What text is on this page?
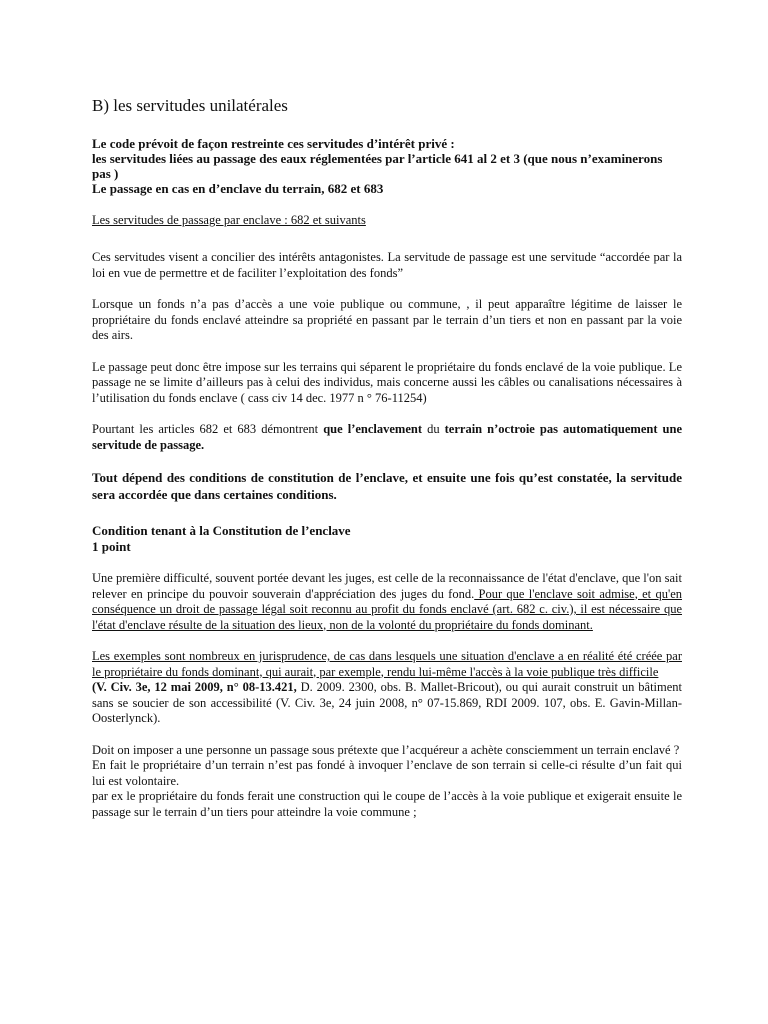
B) les servitudes unilatérales
Le code prévoit de façon restreinte ces servitudes d’intérêt privé :
les servitudes liées au passage des eaux réglementées par l’article 641 al 2 et 3 (que nous n’examinerons pas )
Le passage en cas en d’enclave du terrain, 682 et 683
Les servitudes de passage par enclave : 682 et suivants

Ces servitudes visent a concilier des intérêts antagonistes. La servitude de passage est une servitude “accordée par la loi en vue de permettre et de faciliter l’exploitation des fonds”

Lorsque un fonds n’a pas d’accès a une voie publique ou commune, , il peut apparaître légitime de laisser le propriétaire du fonds enclavé atteindre sa propriété en passant par le terrain d’un tiers et non en passant par la voie des airs.

Le passage peut donc être impose sur les terrains qui séparent le propriétaire du fonds enclavé de la voie publique. Le passage ne se limite d’ailleurs pas à celui des individus, mais concerne aussi les câbles ou canalisations nécessaires à l’utilisation du fonds enclave ( cass civ 14 dec. 1977 n ° 76-11254)

Pourtant les articles 682 et 683 démontrent que l’enclavement du terrain n’octroie pas automatiquement une servitude de passage.

Tout dépend des conditions de constitution de l’enclave, et ensuite une fois qu’est constatée, la servitude sera accordée que dans certaines conditions.

Condition tenant à la Constitution de l’enclave
1 point

Une première difficulté, souvent portée devant les juges, est celle de la reconnaissance de l'état d'enclave, que l'on sait relever en principe du pouvoir souverain d'appréciation des juges du fond. Pour que l'enclave soit admise, et qu'en conséquence un droit de passage légal soit reconnu au profit du fonds enclavé (art. 682 c. civ.), il est nécessaire que l'état d'enclave résulte de la situation des lieux, non de la volonté du propriétaire du fonds dominant.

Les exemples sont nombreux en jurisprudence, de cas dans lesquels une situation d'enclave a en réalité été créée par le propriétaire du fonds dominant, qui aurait, par exemple, rendu lui-même l'accès à la voie publique très difficile
(V. Civ. 3e, 12 mai 2009, n° 08-13.421, D. 2009. 2300, obs. B. Mallet-Bricout), ou qui aurait construit un bâtiment sans se soucier de son accessibilité (V. Civ. 3e, 24 juin 2008, n° 07-15.869, RDI 2009. 107, obs. E. Gavin-Millan-Oosterlynck).

Doit on imposer a une personne un passage sous prétexte que l’acquéreur a achète consciemment un terrain enclavé ?
En fait le propriétaire d’un terrain n’est pas fondé à invoquer l’enclave de son terrain si celle-ci résulte d’un fait qui lui est volontaire.
par ex le propriétaire du fonds ferait une construction qui le coupe de l’accès à la voie publique et exigerait ensuite le passage sur le terrain d’un tiers pour atteindre la voie commune ;
